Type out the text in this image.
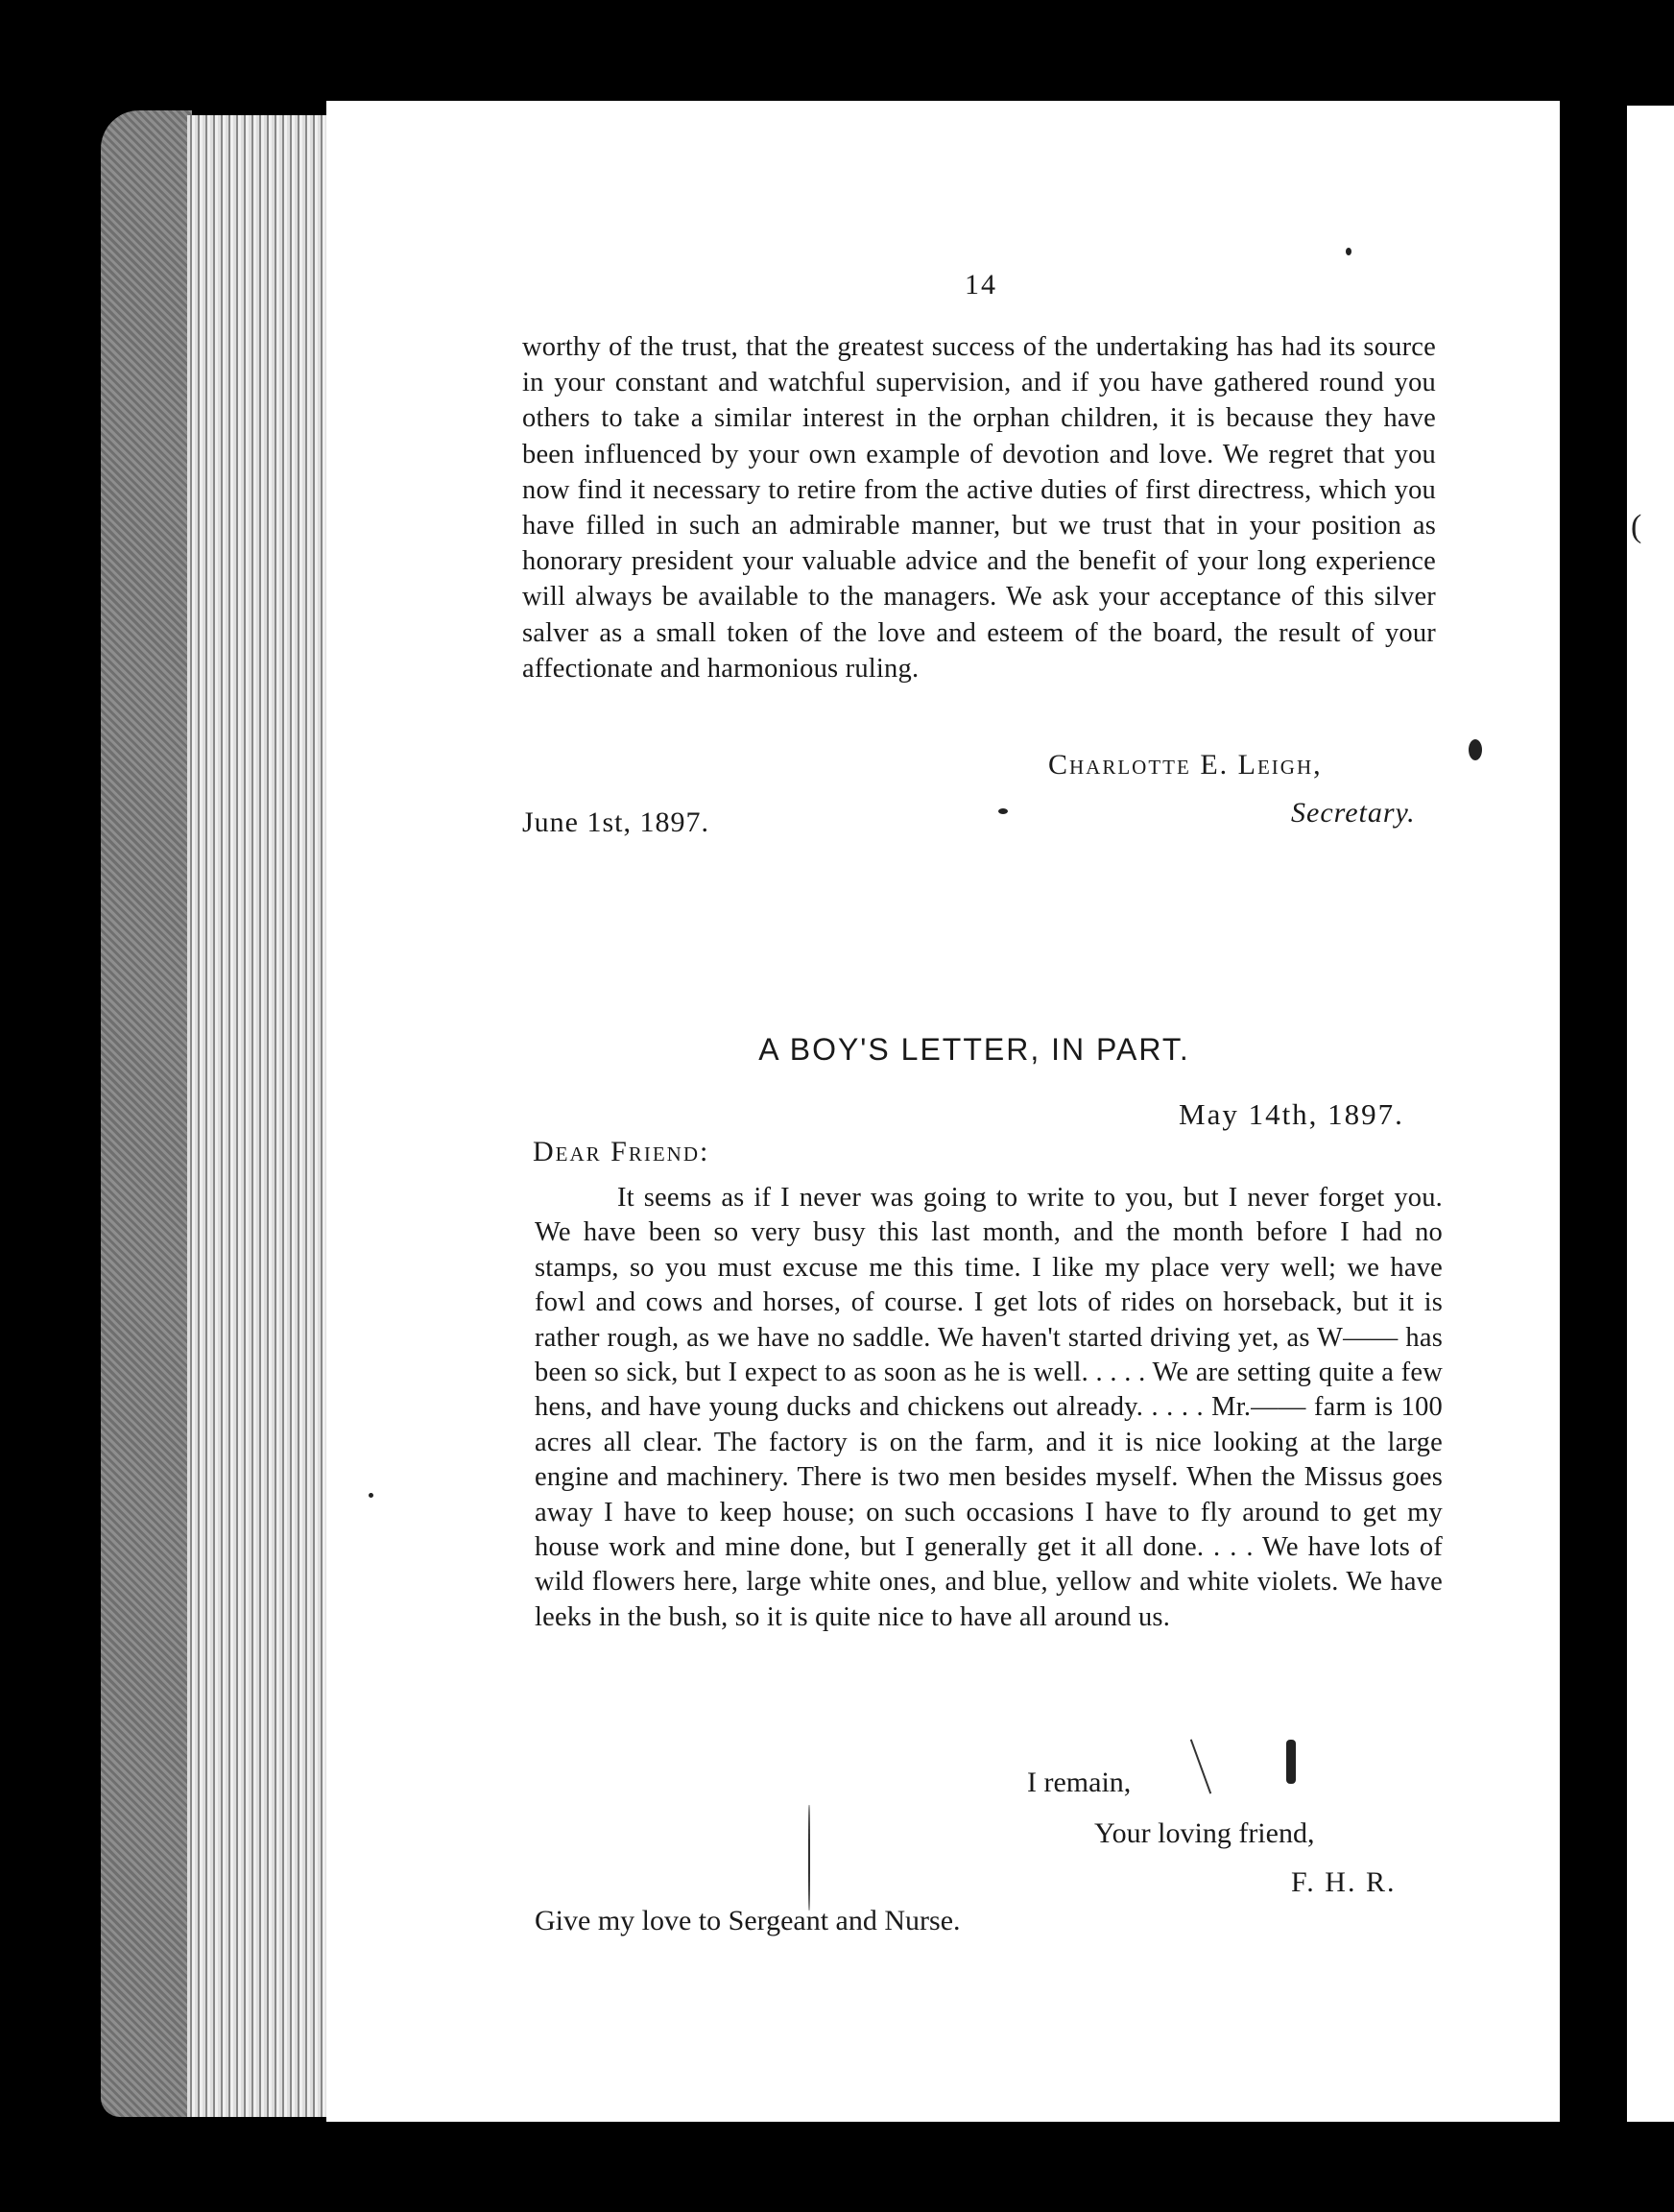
(
14

worthy of the trust, that the greatest success of the undertaking has had its source in your constant and watchful supervision, and if you have gathered round you others to take a similar interest in the orphan children, it is because they have been influenced by your own example of devotion and love. We regret that you now find it necessary to retire from the active duties of first directress, which you have filled in such an admirable manner, but we trust that in your position as honorary president your valuable advice and the benefit of your long experience will always be available to the managers. We ask your acceptance of this silver salver as a small token of the love and esteem of the board, the result of your affectionate and harmonious ruling.

Charlotte E. Leigh,
June 1st, 1897.	Secretary.
A BOY'S LETTER, IN PART.
May 14th, 1897.
Dear Friend:

It seems as if I never was going to write to you, but I never forget you. We have been so very busy this last month, and the month before I had no stamps, so you must excuse me this time. I like my place very well; we have fowl and cows and horses, of course. I get lots of rides on horseback, but it is rather rough, as we have no saddle. We haven't started driving yet, as W—— has been so sick, but I expect to as soon as he is well. . . . . We are setting quite a few hens, and have young ducks and chickens out already. . . . . Mr.—— farm is 100 acres all clear. The factory is on the farm, and it is nice looking at the large engine and machinery. There is two men besides myself. When the Missus goes away I have to keep house; on such occasions I have to fly around to get my house work and mine done, but I generally get it all done. . . . We have lots of wild flowers here, large white ones, and blue, yellow and white violets. We have leeks in the bush, so it is quite nice to have all around us.

I remain,
Your loving friend,
F. H. R.
Give my love to Sergeant and Nurse.
